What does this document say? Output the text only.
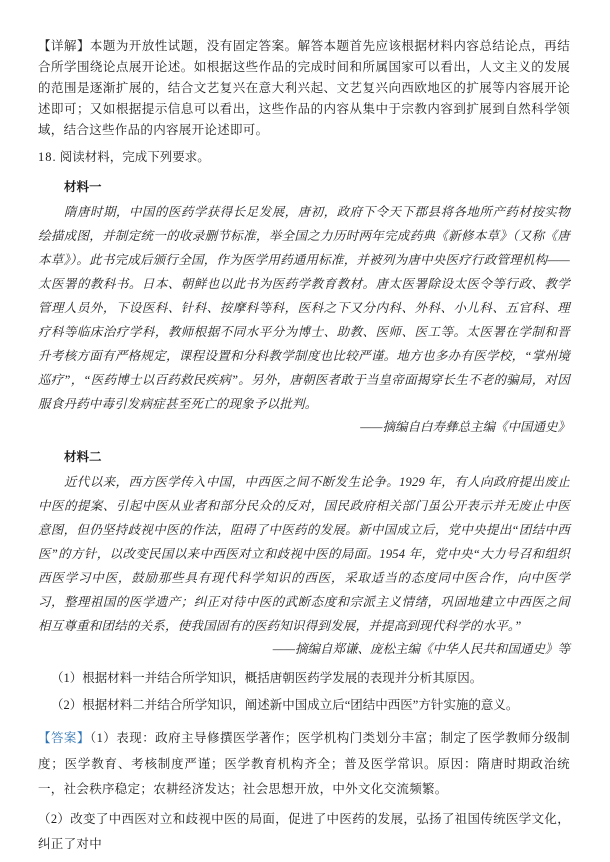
【详解】本题为开放性试题，没有固定答案。解答本题首先应该根据材料内容总结论点，再结合所学围绕论点展开论述。如根据这些作品的完成时间和所属国家可以看出，人文主义的发展的范围是逐渐扩展的，结合文艺复兴在意大利兴起、文艺复兴向西欧地区的扩展等内容展开论述即可；又如根据提示信息可以看出，这些作品的内容从集中于宗教内容到扩展到自然科学领域，结合这些作品的内容展开论述即可。

18. 阅读材料，完成下列要求。

材料一

隋唐时期，中国的医药学获得长足发展，唐初，政府下令天下郡县将各地所产药材按实物绘描成图，并制定统一的收录删节标准，举全国之力历时两年完成药典《新修本草》（又称《唐本草》）。此书完成后颁行全国，作为医学用药通用标准，并被列为唐中央医疗行政管理机构——太医署的教科书。日本、朝鲜也以此书为医药学教育教材。唐太医署除设太医令等行政、教学管理人员外，下设医科、针科、按摩科等科，医科之下又分内科、外科、小儿科、五官科、理疗科等临床治疗学科，教师根据不同水平分为博士、助教、医师、医工等。太医署在学制和晋升考核方面有严格规定，课程设置和分科教学制度也比较严谨。地方也多办有医学校，“掌州境巡疗”，“医药博士以百药救民疾病”。另外，唐朝医者敢于当皇帝面揭穿长生不老的骗局，对因服食丹药中毒引发病症甚至死亡的现象予以批判。

——摘编自白寿彝总主编《中国通史》

材料二

近代以来，西方医学传入中国，中西医之间不断发生论争。1929 年，有人向政府提出废止中医的提案、引起中医从业者和部分民众的反对，国民政府相关部门虽公开表示并无废止中医意图，但仍坚持歧视中医的作法，阻碍了中医药的发展。新中国成立后，党中央提出“团结中西医”的方针，以改变民国以来中西医对立和歧视中医的局面。1954 年，党中央“大力号召和组织西医学习中医，鼓励那些具有现代科学知识的西医，采取适当的态度同中医合作，向中医学习，整理祖国的医学遗产；纠正对待中医的武断态度和宗派主义情绪，巩固地建立中西医之间相互尊重和团结的关系，使我国固有的医药知识得到发展，并提高到现代科学的水平。”

——摘编自郑谦、庞松主编《中华人民共和国通史》等

（1）根据材料一并结合所学知识，概括唐朝医药学发展的表现并分析其原因。

（2）根据材料二并结合所学知识，阐述新中国成立后“团结中西医”方针实施的意义。

【答案】（1）表现：政府主导修撰医学著作；医学机构门类划分丰富；制定了医学教师分级制度；医学教育、考核制度严谨；医学教育机构齐全；普及医学常识。原因：隋唐时期政治统一，社会秩序稳定；农耕经济发达；社会思想开放，中外文化交流频繁。

（2）改变了中西医对立和歧视中医的局面，促进了中医药的发展，弘扬了祖国传统医学文化，纠正了对中
